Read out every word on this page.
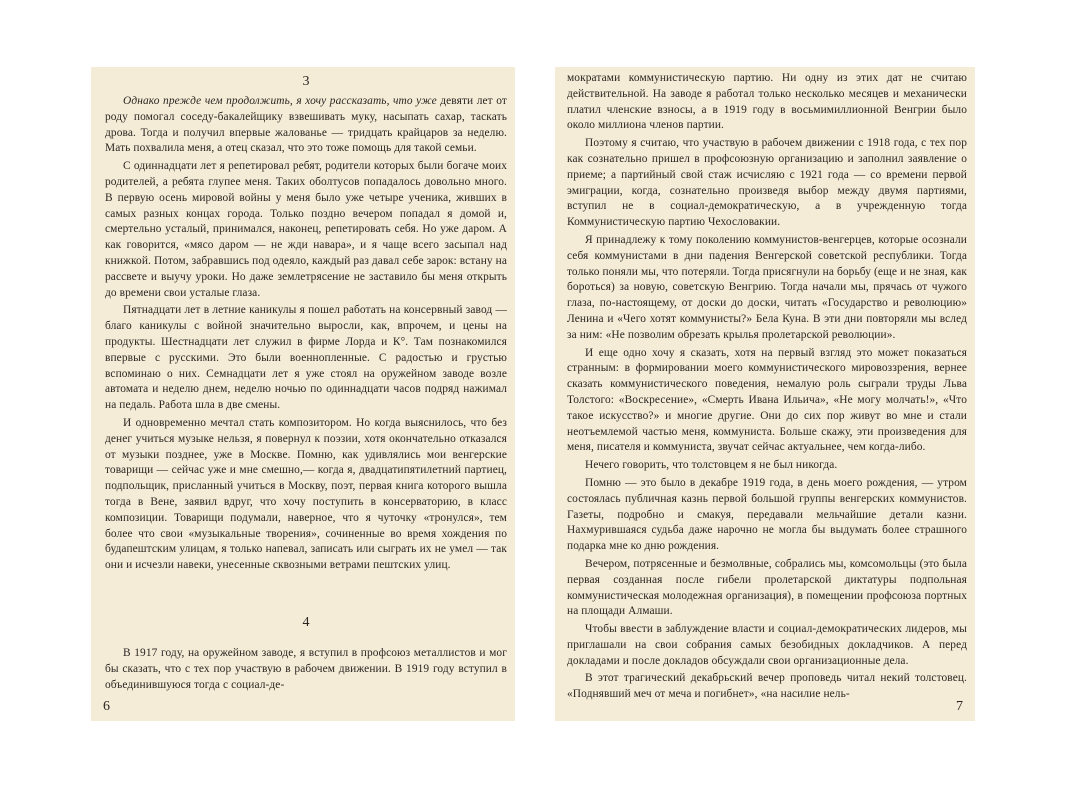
3

Однако прежде чем продолжить, я хочу рассказать, что уже девяти лет от роду помогал соседу-бакалейщику взвешивать муку, насыпать сахар, таскать дрова. Тогда и получил впервые жалованье — тридцать крайцаров за неделю. Мать похвалила меня, а отец сказал, что это тоже помощь для такой семьи.

С одиннадцати лет я репетировал ребят, родители которых были богаче моих родителей, а ребята глупее меня. Таких оболтусов попадалось довольно много. В первую осень мировой войны у меня было уже четыре ученика, живших в самых разных концах города. Только поздно вечером попадал я домой и, смертельно усталый, принимался, наконец, репетировать себя. Но уже даром. А как говорится, «мясо даром — не жди навара», и я чаще всего засыпал над книжкой. Потом, забравшись под одеяло, каждый раз давал себе зарок: встану на рассвете и выучу уроки. Но даже землетрясение не заставило бы меня открыть до времени свои усталые глаза.

Пятнадцати лет в летние каникулы я пошел работать на консервный завод — благо каникулы с войной значительно выросли, как, впрочем, и цены на продукты. Шестнадцати лет служил в фирме Лорда и К°. Там познакомился впервые с русскими. Это были военнопленные. С радостью и грустью вспоминаю о них. Семнадцати лет я уже стоял на оружейном заводе возле автомата и неделю днем, неделю ночью по одиннадцати часов подряд нажимал на педаль. Работа шла в две смены.

И одновременно мечтал стать композитором. Но когда выяснилось, что без денег учиться музыке нельзя, я повернул к поэзии, хотя окончательно отказался от музыки позднее, уже в Москве. Помню, как удивлялись мои венгерские товарищи — сейчас уже и мне смешно,— когда я, двадцатипятилетний партиец, подпольщик, присланный учиться в Москву, поэт, первая книга которого вышла тогда в Вене, заявил вдруг, что хочу поступить в консерваторию, в класс композиции. Товарищи подумали, наверное, что я чуточку «тронулся», тем более что свои «музыкальные творения», сочиненные во время хождения по будапештским улицам, я только напевал, записать или сыграть их не умел — так они и исчезли навеки, унесенные сквозными ветрами пештских улиц.

4

В 1917 году, на оружейном заводе, я вступил в профсоюз металлистов и мог бы сказать, что с тех пор участвую в рабочем движении. В 1919 году вступил в объединившуюся тогда с социал-де-

6

мократами коммунистическую партию. Ни одну из этих дат не считаю действительной. На заводе я работал только несколько месяцев и механически платил членские взносы, а в 1919 году в восьмимиллионной Венгрии было около миллиона членов партии.

Поэтому я считаю, что участвую в рабочем движении с 1918 года, с тех пор как сознательно пришел в профсоюзную организацию и заполнил заявление о приеме; а партийный свой стаж исчисляю с 1921 года — со времени первой эмиграции, когда, сознательно произведя выбор между двумя партиями, вступил не в социал-демократическую, а в учрежденную тогда Коммунистическую партию Чехословакии.

Я принадлежу к тому поколению коммунистов-венгерцев, которые осознали себя коммунистами в дни падения Венгерской советской республики. Тогда только поняли мы, что потеряли. Тогда присягнули на борьбу (еще и не зная, как бороться) за новую, советскую Венгрию. Тогда начали мы, прячась от чужого глаза, по-настоящему, от доски до доски, читать «Государство и революцию» Ленина и «Чего хотят коммунисты?» Бела Куна. В эти дни повторяли мы вслед за ним: «Не позволим обрезать крылья пролетарской революции».

И еще одно хочу я сказать, хотя на первый взгляд это может показаться странным: в формировании моего коммунистического мировоззрения, вернее сказать коммунистического поведения, немалую роль сыграли труды Льва Толстого: «Воскресение», «Смерть Ивана Ильича», «Не могу молчать!», «Что такое искусство?» и многие другие. Они до сих пор живут во мне и стали неотъемлемой частью меня, коммуниста. Больше скажу, эти произведения для меня, писателя и коммуниста, звучат сейчас актуальнее, чем когда-либо.

Нечего говорить, что толстовцем я не был никогда.

Помню — это было в декабре 1919 года, в день моего рождения, — утром состоялась публичная казнь первой большой группы венгерских коммунистов. Газеты, подробно и смакуя, передавали мельчайшие детали казни. Нахмурившаяся судьба даже нарочно не могла бы выдумать более страшного подарка мне ко дню рождения.

Вечером, потрясенные и безмолвные, собрались мы, комсомольцы (это была первая созданная после гибели пролетарской диктатуры подпольная коммунистическая молодежная организация), в помещении профсоюза портных на площади Алмаши.

Чтобы ввести в заблуждение власти и социал-демократических лидеров, мы приглашали на свои собрания самых безобидных докладчиков. А перед докладами и после докладов обсуждали свои организационные дела.

В этот трагический декабрьский вечер проповедь читал некий толстовец. «Поднявший меч от меча и погибнет», «на насилие нель-

7
